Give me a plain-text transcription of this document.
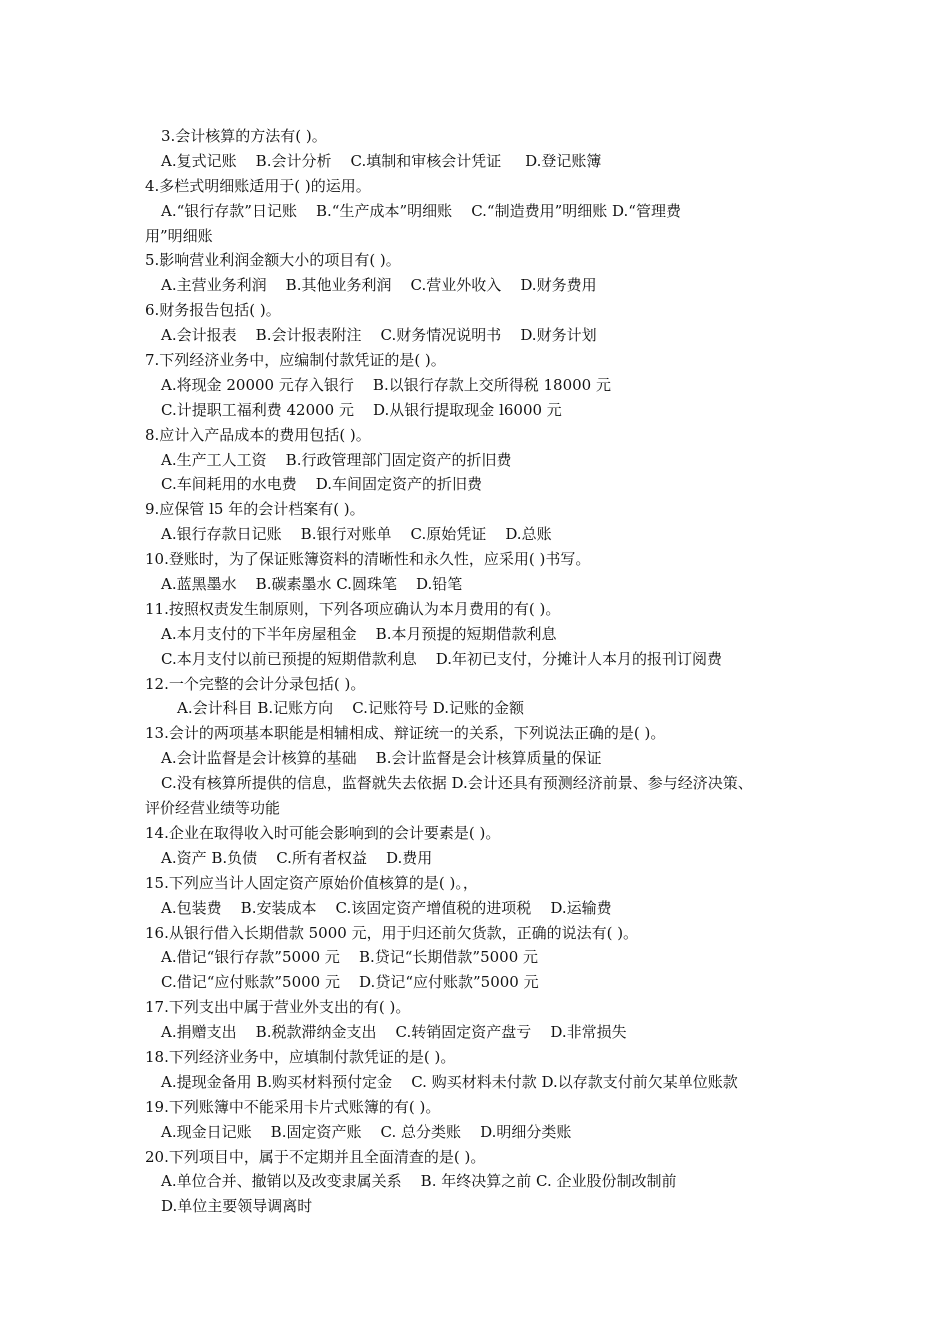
3.会计核算的方法有( )。
A.复式记账    B.会计分析    C.填制和审核会计凭证     D.登记账簿
4.多栏式明细账适用于( )的运用。
A.“银行存款”日记账    B.“生产成本”明细账    C.“制造费用”明细账 D.“管理费
用”明细账
5.影响营业利润金额大小的项目有( )。
A.主营业务利润    B.其他业务利润    C.营业外收入    D.财务费用
6.财务报告包括( )。
A.会计报表    B.会计报表附注    C.财务情况说明书    D.财务计划
7.下列经济业务中，应编制付款凭证的是( )。
A.将现金 20000 元存入银行    B.以银行存款上交所得税 18000 元
C.计提职工福利费 42000 元    D.从银行提取现金 l6000 元
8.应计入产品成本的费用包括( )。
A.生产工人工资    B.行政管理部门固定资产的折旧费
C.车间耗用的水电费    D.车间固定资产的折旧费
9.应保管 l5 年的会计档案有( )。
A.银行存款日记账    B.银行对账单    C.原始凭证    D.总账
10.登账时，为了保证账簿资料的清晰性和永久性，应采用( )书写。
A.蓝黑墨水    B.碳素墨水 C.圆珠笔    D.铅笔
11.按照权责发生制原则，下列各项应确认为本月费用的有( )。
A.本月支付的下半年房屋租金    B.本月预提的短期借款利息
C.本月支付以前已预提的短期借款利息    D.年初已支付，分摊计人本月的报刊订阅费
12.一个完整的会计分录包括( )。
A.会计科目 B.记账方向    C.记账符号 D.记账的金额
13.会计的两项基本职能是相辅相成、辩证统一的关系，下列说法正确的是( )。
A.会计监督是会计核算的基础    B.会计监督是会计核算质量的保证
C.没有核算所提供的信息，监督就失去依据 D.会计还具有预测经济前景、参与经济决策、
评价经营业绩等功能
14.企业在取得收入时可能会影响到的会计要素是( )。
A.资产 B.负债    C.所有者权益    D.费用
15.下列应当计人固定资产原始价值核算的是( )。，
A.包装费    B.安装成本    C.该固定资产增值税的进项税    D.运输费
16.从银行借入长期借款 5000 元，用于归还前欠货款，正确的说法有( )。
A.借记“银行存款”5000 元    B.贷记“长期借款”5000 元
C.借记“应付账款”5000 元    D.贷记“应付账款”5000 元
17.下列支出中属于营业外支出的有( )。
A.捐赠支出    B.税款滞纳金支出    C.转销固定资产盘亏    D.非常损失
18.下列经济业务中，应填制付款凭证的是( )。
A.提现金备用 B.购买材料预付定金    C. 购买材料未付款 D.以存款支付前欠某单位账款
19.下列账簿中不能采用卡片式账簿的有( )。
A.现金日记账    B.固定资产账    C. 总分类账    D.明细分类账
20.下列项目中，属于不定期并且全面清查的是( )。
A.单位合并、撤销以及改变隶属关系    B. 年终决算之前 C. 企业股份制改制前
D.单位主要领导调离时
